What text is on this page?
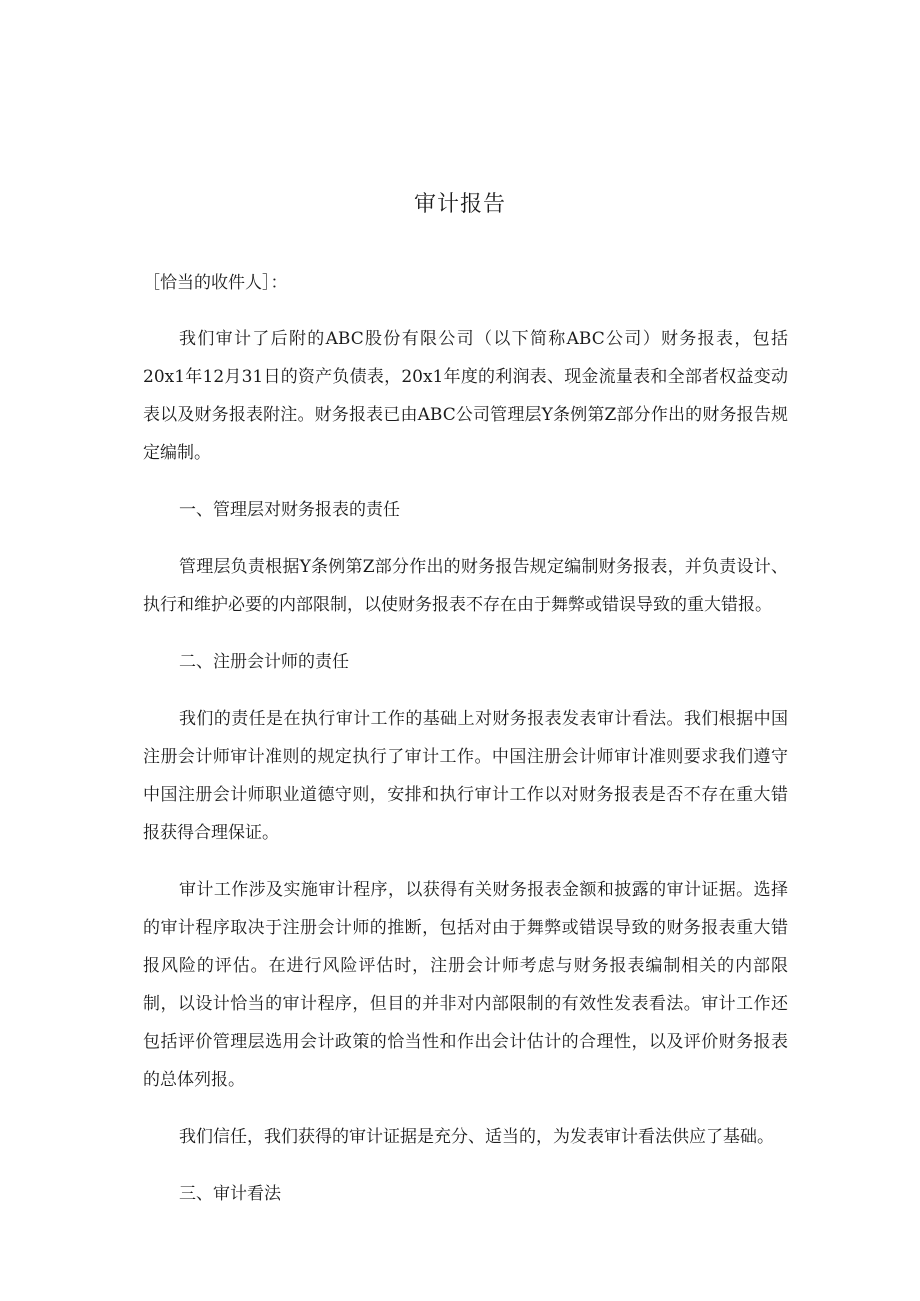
审计报告

［恰当的收件人］：

我们审计了后附的ABC股份有限公司（以下简称ABC公司）财务报表，包括20x1年12月31日的资产负债表，20x1年度的利润表、现金流量表和全部者权益变动表以及财务报表附注。财务报表已由ABC公司管理层Y条例第Z部分作出的财务报告规定编制。

一、管理层对财务报表的责任

管理层负责根据Y条例第Z部分作出的财务报告规定编制财务报表，并负责设计、执行和维护必要的内部限制，以使财务报表不存在由于舞弊或错误导致的重大错报。

二、注册会计师的责任

我们的责任是在执行审计工作的基础上对财务报表发表审计看法。我们根据中国注册会计师审计准则的规定执行了审计工作。中国注册会计师审计准则要求我们遵守中国注册会计师职业道德守则，安排和执行审计工作以对财务报表是否不存在重大错报获得合理保证。

审计工作涉及实施审计程序，以获得有关财务报表金额和披露的审计证据。选择的审计程序取决于注册会计师的推断，包括对由于舞弊或错误导致的财务报表重大错报风险的评估。在进行风险评估时，注册会计师考虑与财务报表编制相关的内部限制，以设计恰当的审计程序，但目的并非对内部限制的有效性发表看法。审计工作还包括评价管理层选用会计政策的恰当性和作出会计估计的合理性，以及评价财务报表的总体列报。

我们信任，我们获得的审计证据是充分、适当的，为发表审计看法供应了基础。

三、审计看法
